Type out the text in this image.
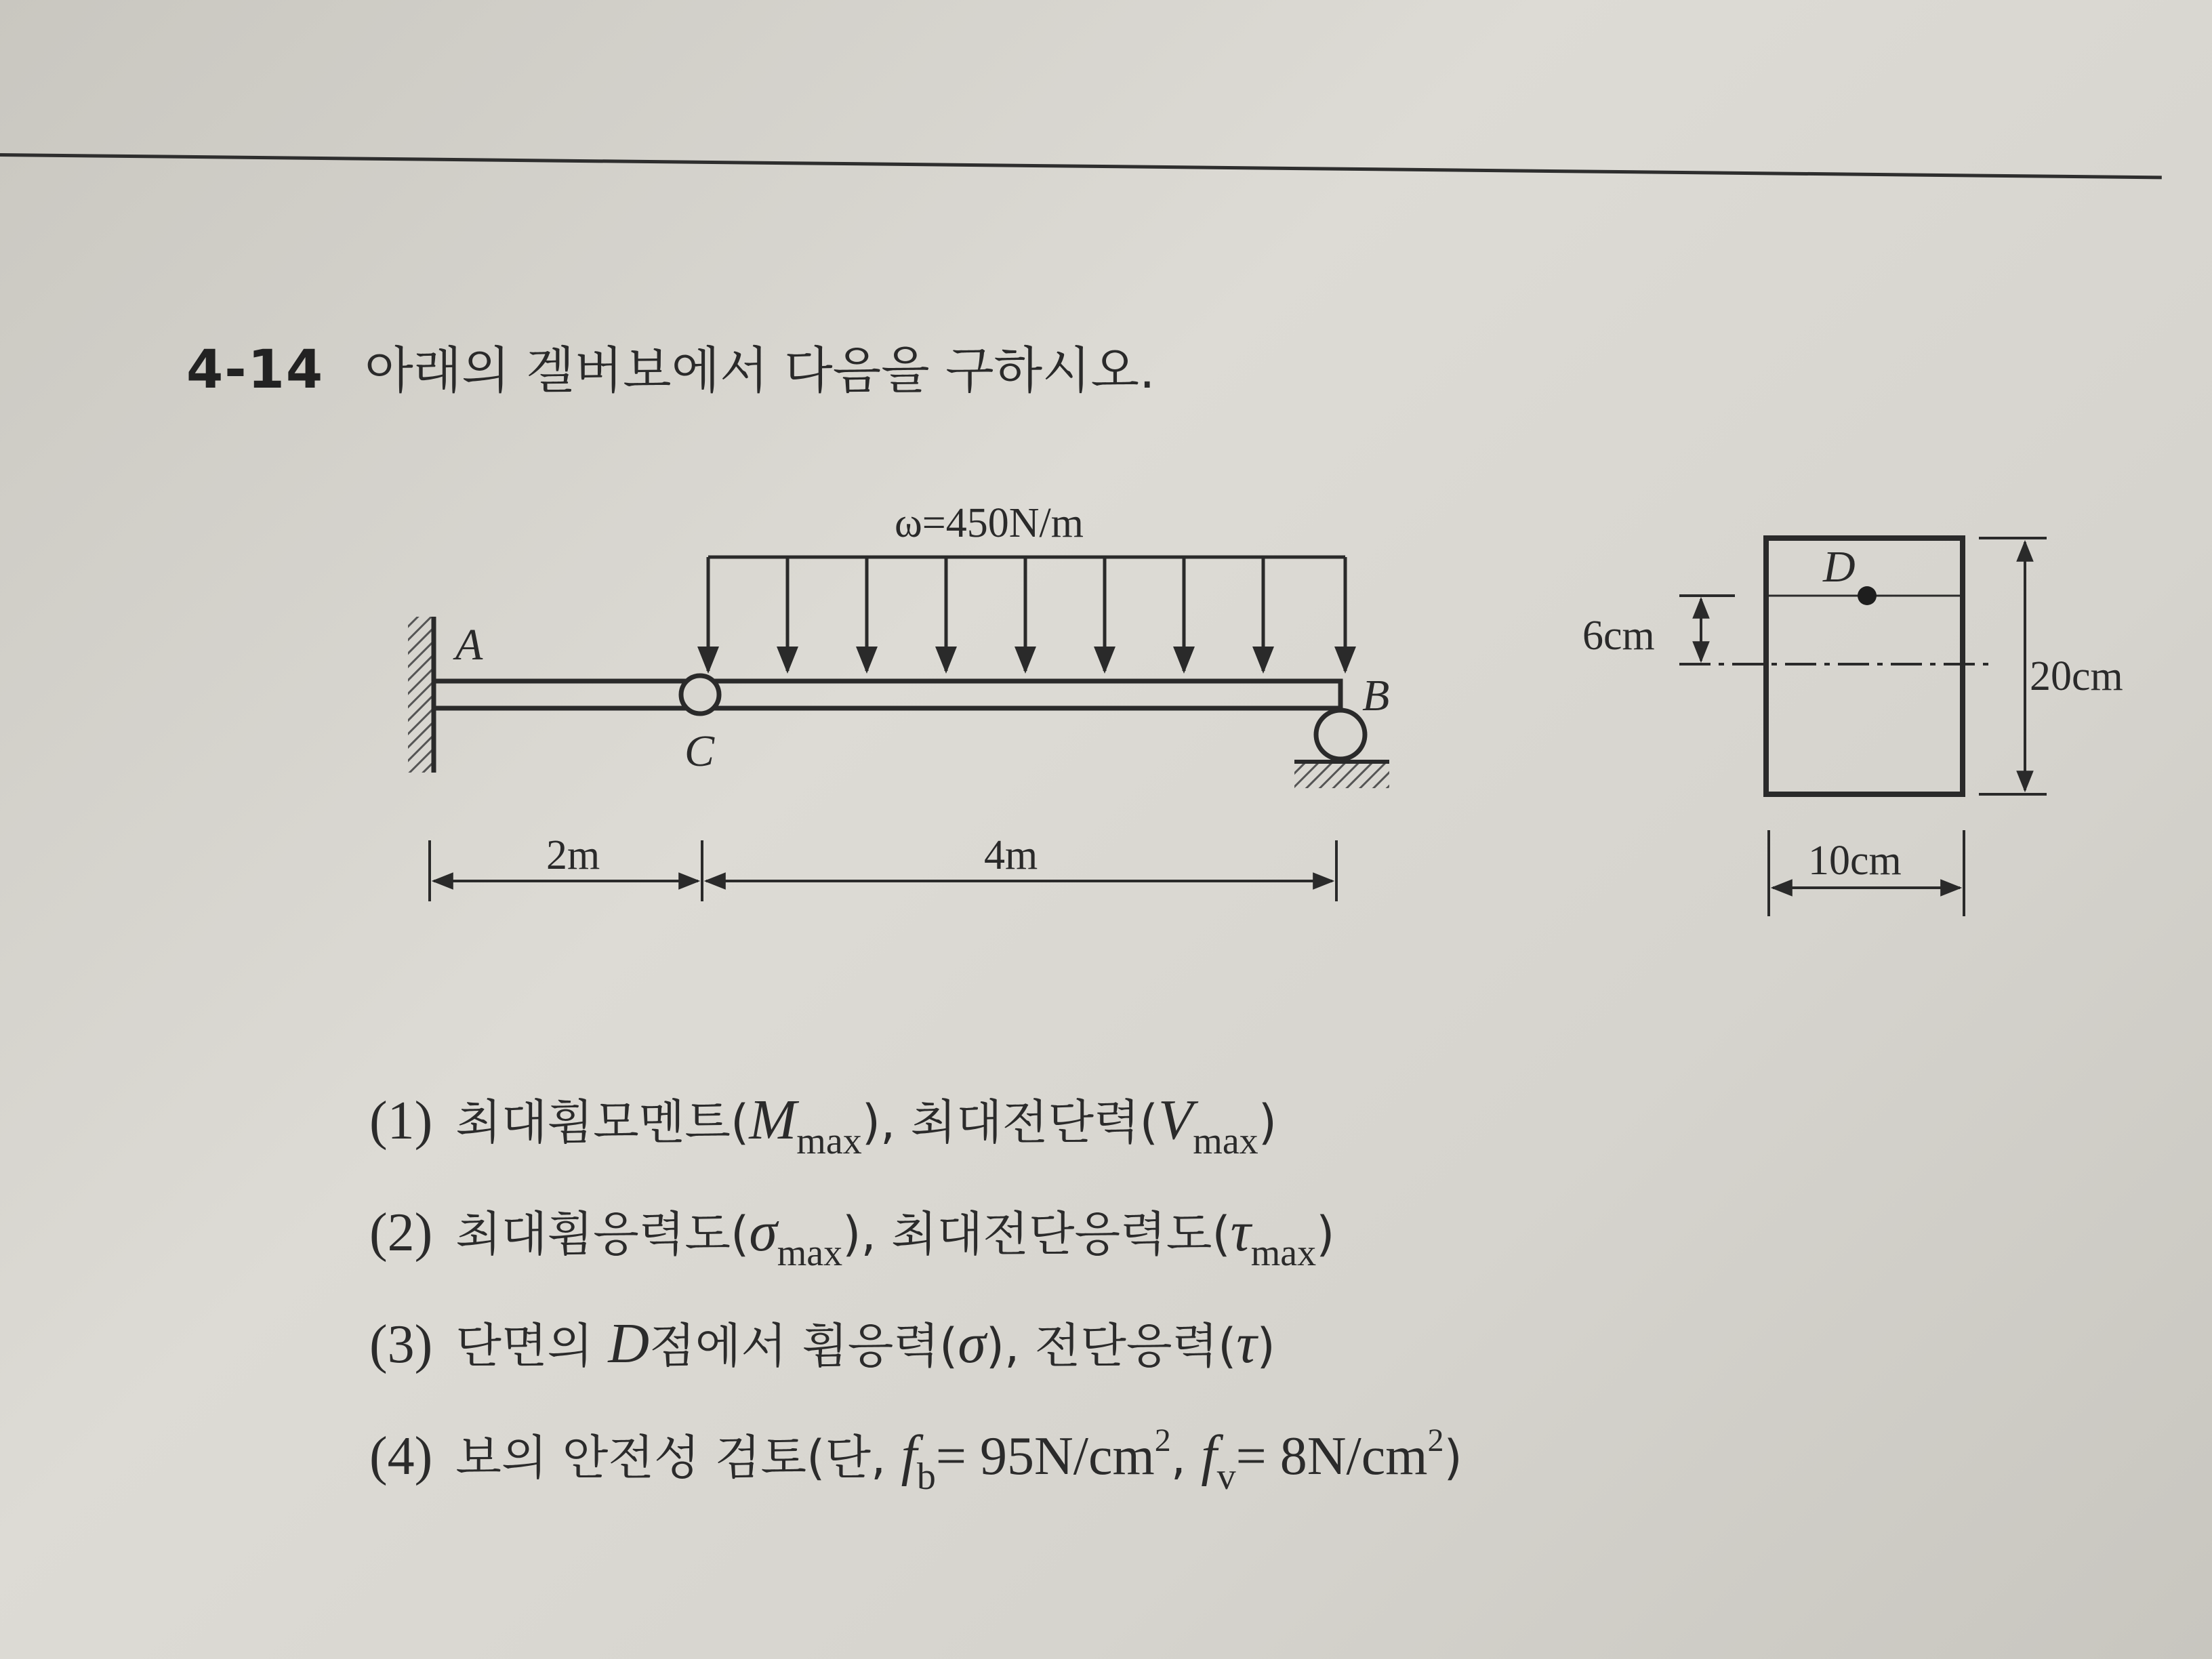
4-14 아래의 겔버보에서 다음을 구하시오.
ω=450N/m
A
B
C
2m	4m
D
6cm
20cm
10cm
(1) 최대휨모멘트$(M_{max})$, 최대전단력$(V_{max})$
(2) 최대휨응력도$(\sigma_{max})$, 최대전단응력도$(\tau_{max})$
(3) 단면의 D점에서 휨응력(σ), 전단응력(τ)
(4) 보의 안전성 검토(단, $f_b= 95N/cm^2$, $f_v= 8N/cm^2$)
